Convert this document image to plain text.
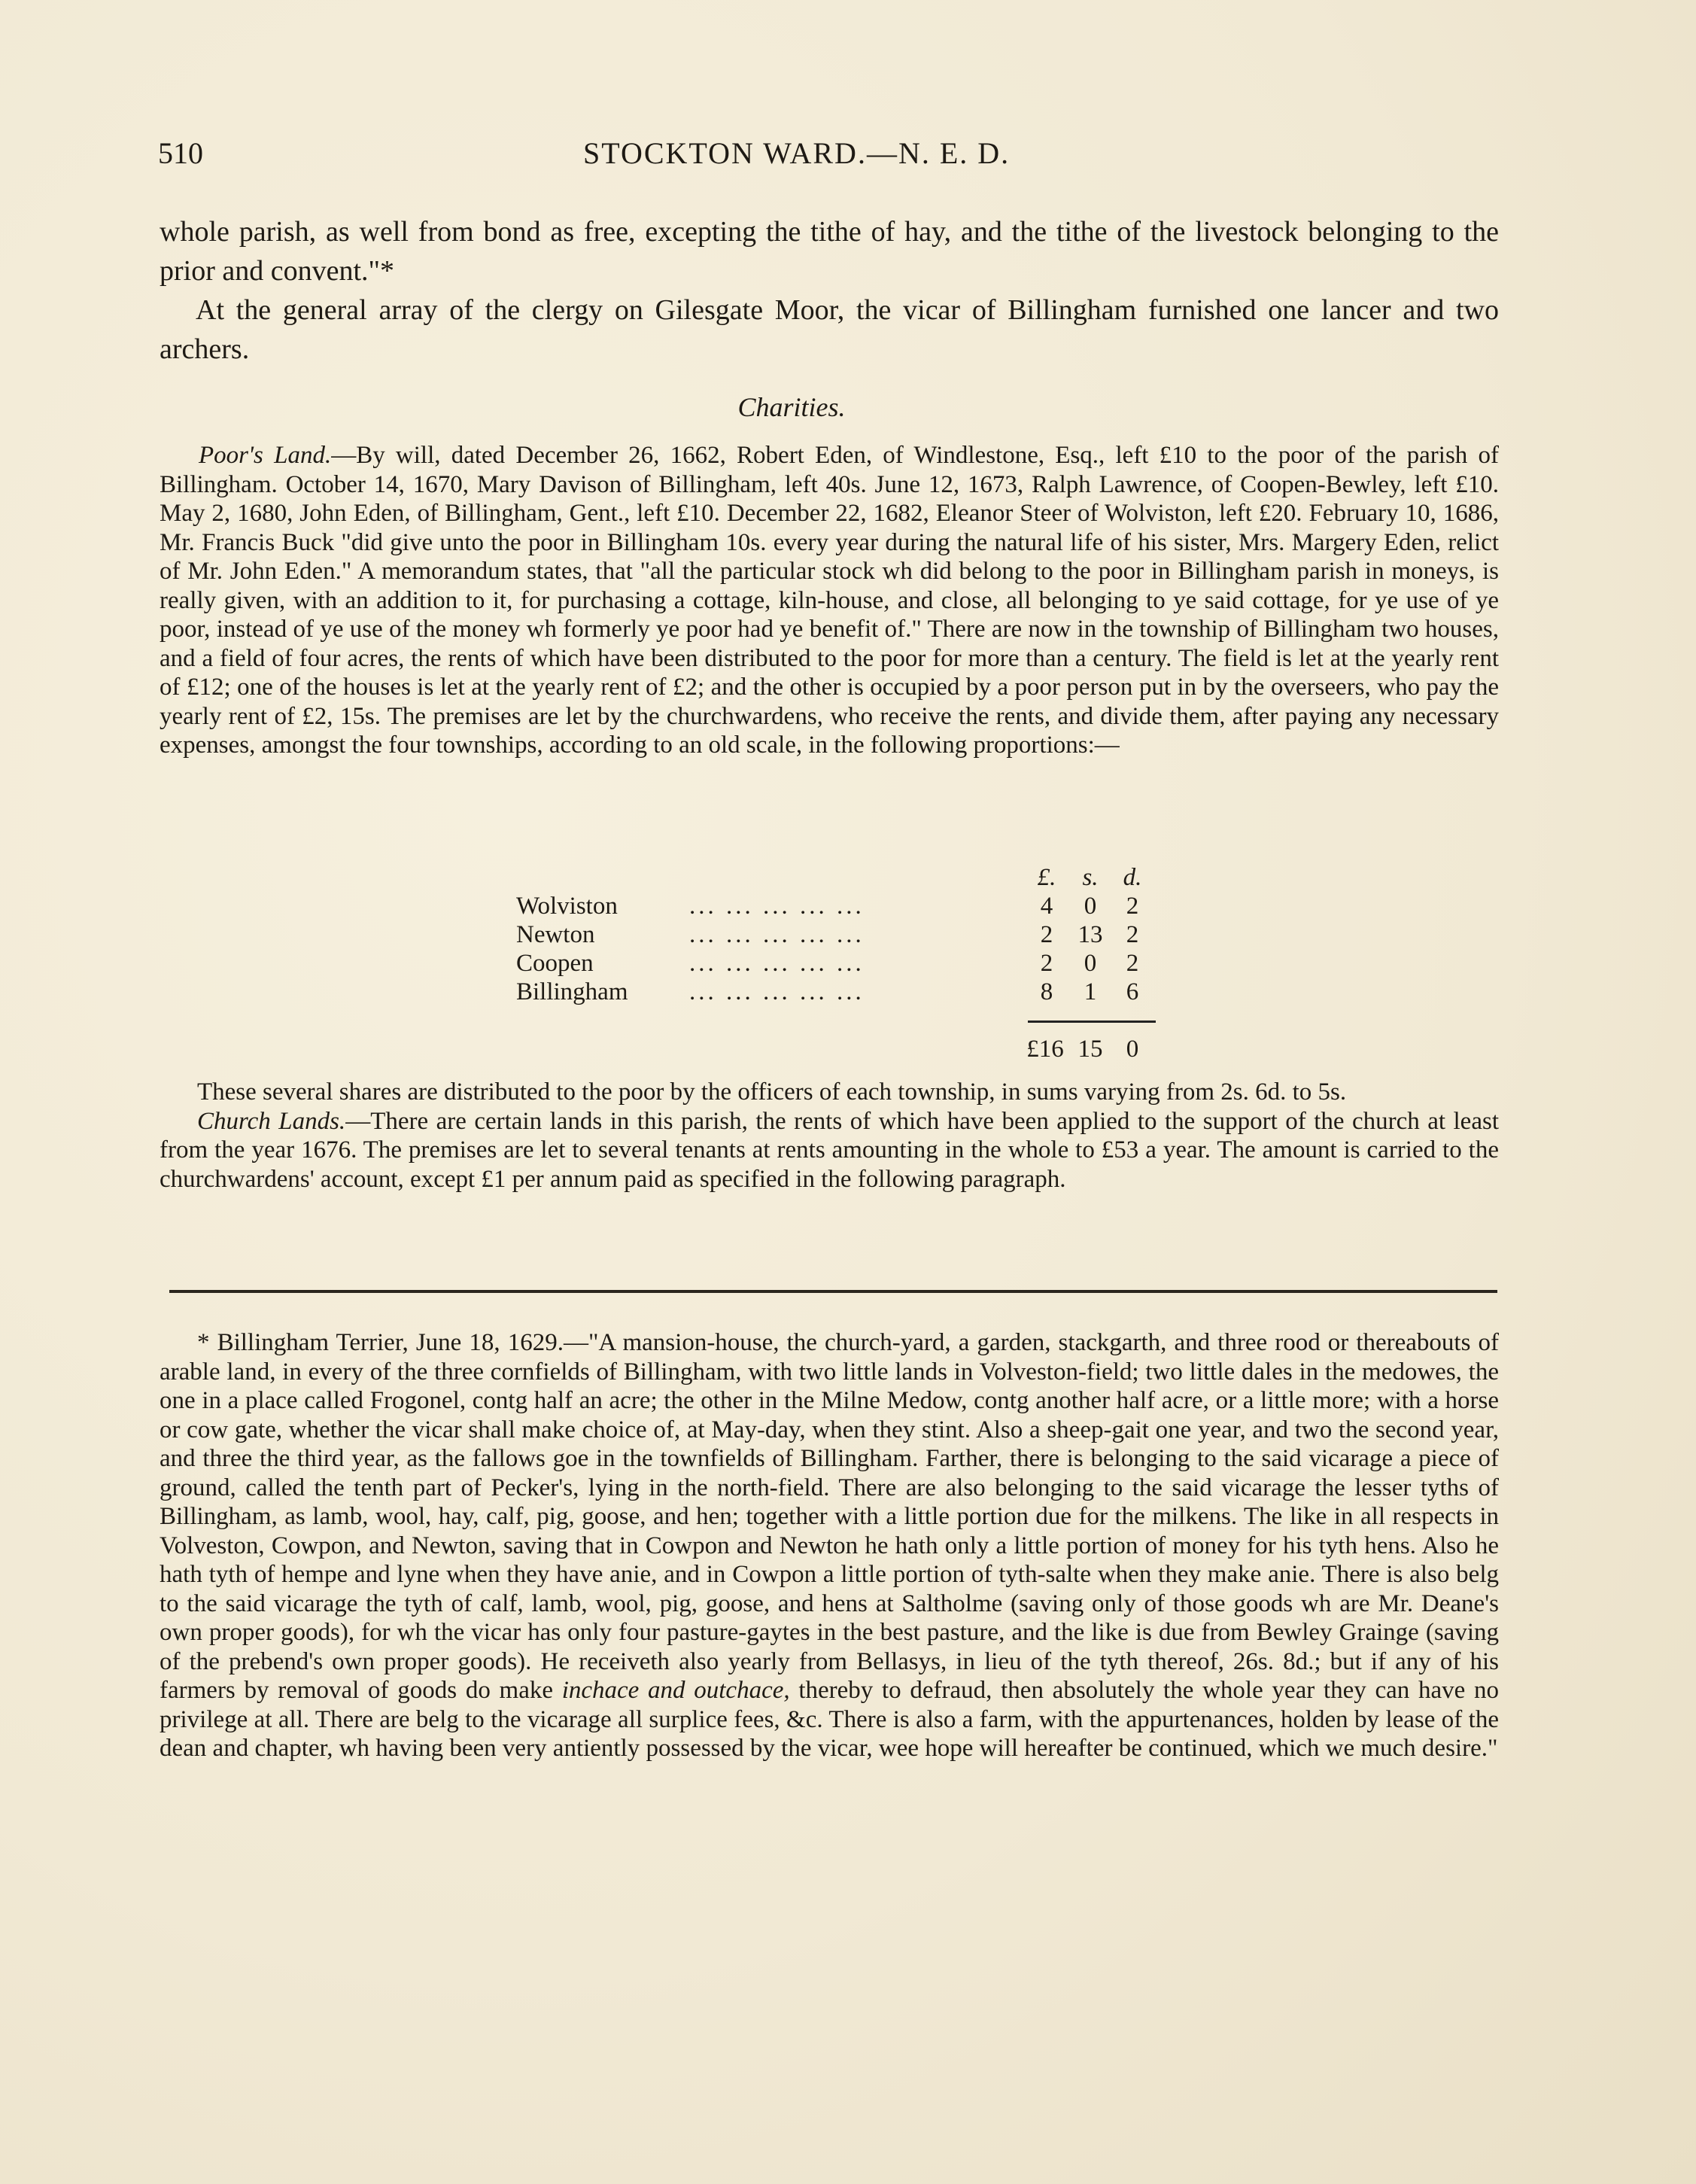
510	STOCKTON WARD.—N. E. D.

whole parish, as well from bond as free, excepting the tithe of hay, and the tithe of the livestock belonging to the prior and convent."*

At the general array of the clergy on Gilesgate Moor, the vicar of Billingham furnished one lancer and two archers.

Charities.

Poor's Land.—By will, dated December 26, 1662, Robert Eden, of Windlestone, Esq., left £10 to the poor of the parish of Billingham. October 14, 1670, Mary Davison of Billingham, left 40s. June 12, 1673, Ralph Lawrence, of Coopen-Bewley, left £10. May 2, 1680, John Eden, of Billingham, Gent., left £10. December 22, 1682, Eleanor Steer of Wolviston, left £20. February 10, 1686, Mr. Francis Buck "did give unto the poor in Billingham 10s. every year during the natural life of his sister, Mrs. Margery Eden, relict of Mr. John Eden." A memorandum states, that "all the particular stock wh did belong to the poor in Billingham parish in moneys, is really given, with an addition to it, for purchasing a cottage, kiln-house, and close, all belonging to ye said cottage, for ye use of ye poor, instead of ye use of the money wh formerly ye poor had ye benefit of." There are now in the township of Billingham two houses, and a field of four acres, the rents of which have been distributed to the poor for more than a century. The field is let at the yearly rent of £12; one of the houses is let at the yearly rent of £2; and the other is occupied by a poor person put in by the overseers, who pay the yearly rent of £2, 15s. The premises are let by the churchwardens, who receive the rents, and divide them, after paying any necessary expenses, amongst the four townships, according to an old scale, in the following proportions:—

£.	s.	d.
Wolviston	... ... ... ... ...	4	0	2
Newton	... ... ... ... ...	2	13 2
Coopen	... ... ... ... ...	2	0	2
Billingham ... ... ... ... ...	8	1	6
£16 15 0

These several shares are distributed to the poor by the officers of each township, in sums varying from 2s. 6d. to 5s.

Church Lands.—There are certain lands in this parish, the rents of which have been applied to the support of the church at least from the year 1676. The premises are let to several tenants at rents amounting in the whole to £53 a year. The amount is carried to the churchwardens' account, except £1 per annum paid as specified in the following paragraph.

* Billingham Terrier, June 18, 1629.—"A mansion-house, the church-yard, a garden, stackgarth, and three rood or thereabouts of arable land, in every of the three cornfields of Billingham, with two little lands in Volveston-field; two little dales in the medowes, the one in a place called Frogonel, contg half an acre; the other in the Milne Medow, contg another half acre, or a little more; with a horse or cow gate, whether the vicar shall make choice of, at May-day, when they stint. Also a sheep-gait one year, and two the second year, and three the third year, as the fallows goe in the townfields of Billingham. Farther, there is belonging to the said vicarage a piece of ground, called the tenth part of Pecker's, lying in the north-field. There are also belonging to the said vicarage the lesser tyths of Billingham, as lamb, wool, hay, calf, pig, goose, and hen; together with a little portion due for the milkens. The like in all respects in Volveston, Cowpon, and Newton, saving that in Cowpon and Newton he hath only a little portion of money for his tyth hens. Also he hath tyth of hempe and lyne when they have anie, and in Cowpon a little portion of tyth-salte when they make anie. There is also belg to the said vicarage the tyth of calf, lamb, wool, pig, goose, and hens at Saltholme (saving only of those goods wh are Mr. Deane's own proper goods), for wh the vicar has only four pasture-gaytes in the best pasture, and the like is due from Bewley Grainge (saving of the prebend's own proper goods). He receiveth also yearly from Bellasys, in lieu of the tyth thereof, 26s. 8d.; but if any of his farmers by removal of goods do make inchace and outchace, thereby to defraud, then absolutely the whole year they can have no privilege at all. There are belg to the vicarage all surplice fees, &c. There is also a farm, with the appurtenances, holden by lease of the dean and chapter, wh having been very antiently possessed by the vicar, wee hope will hereafter be continued, which we much desire."
